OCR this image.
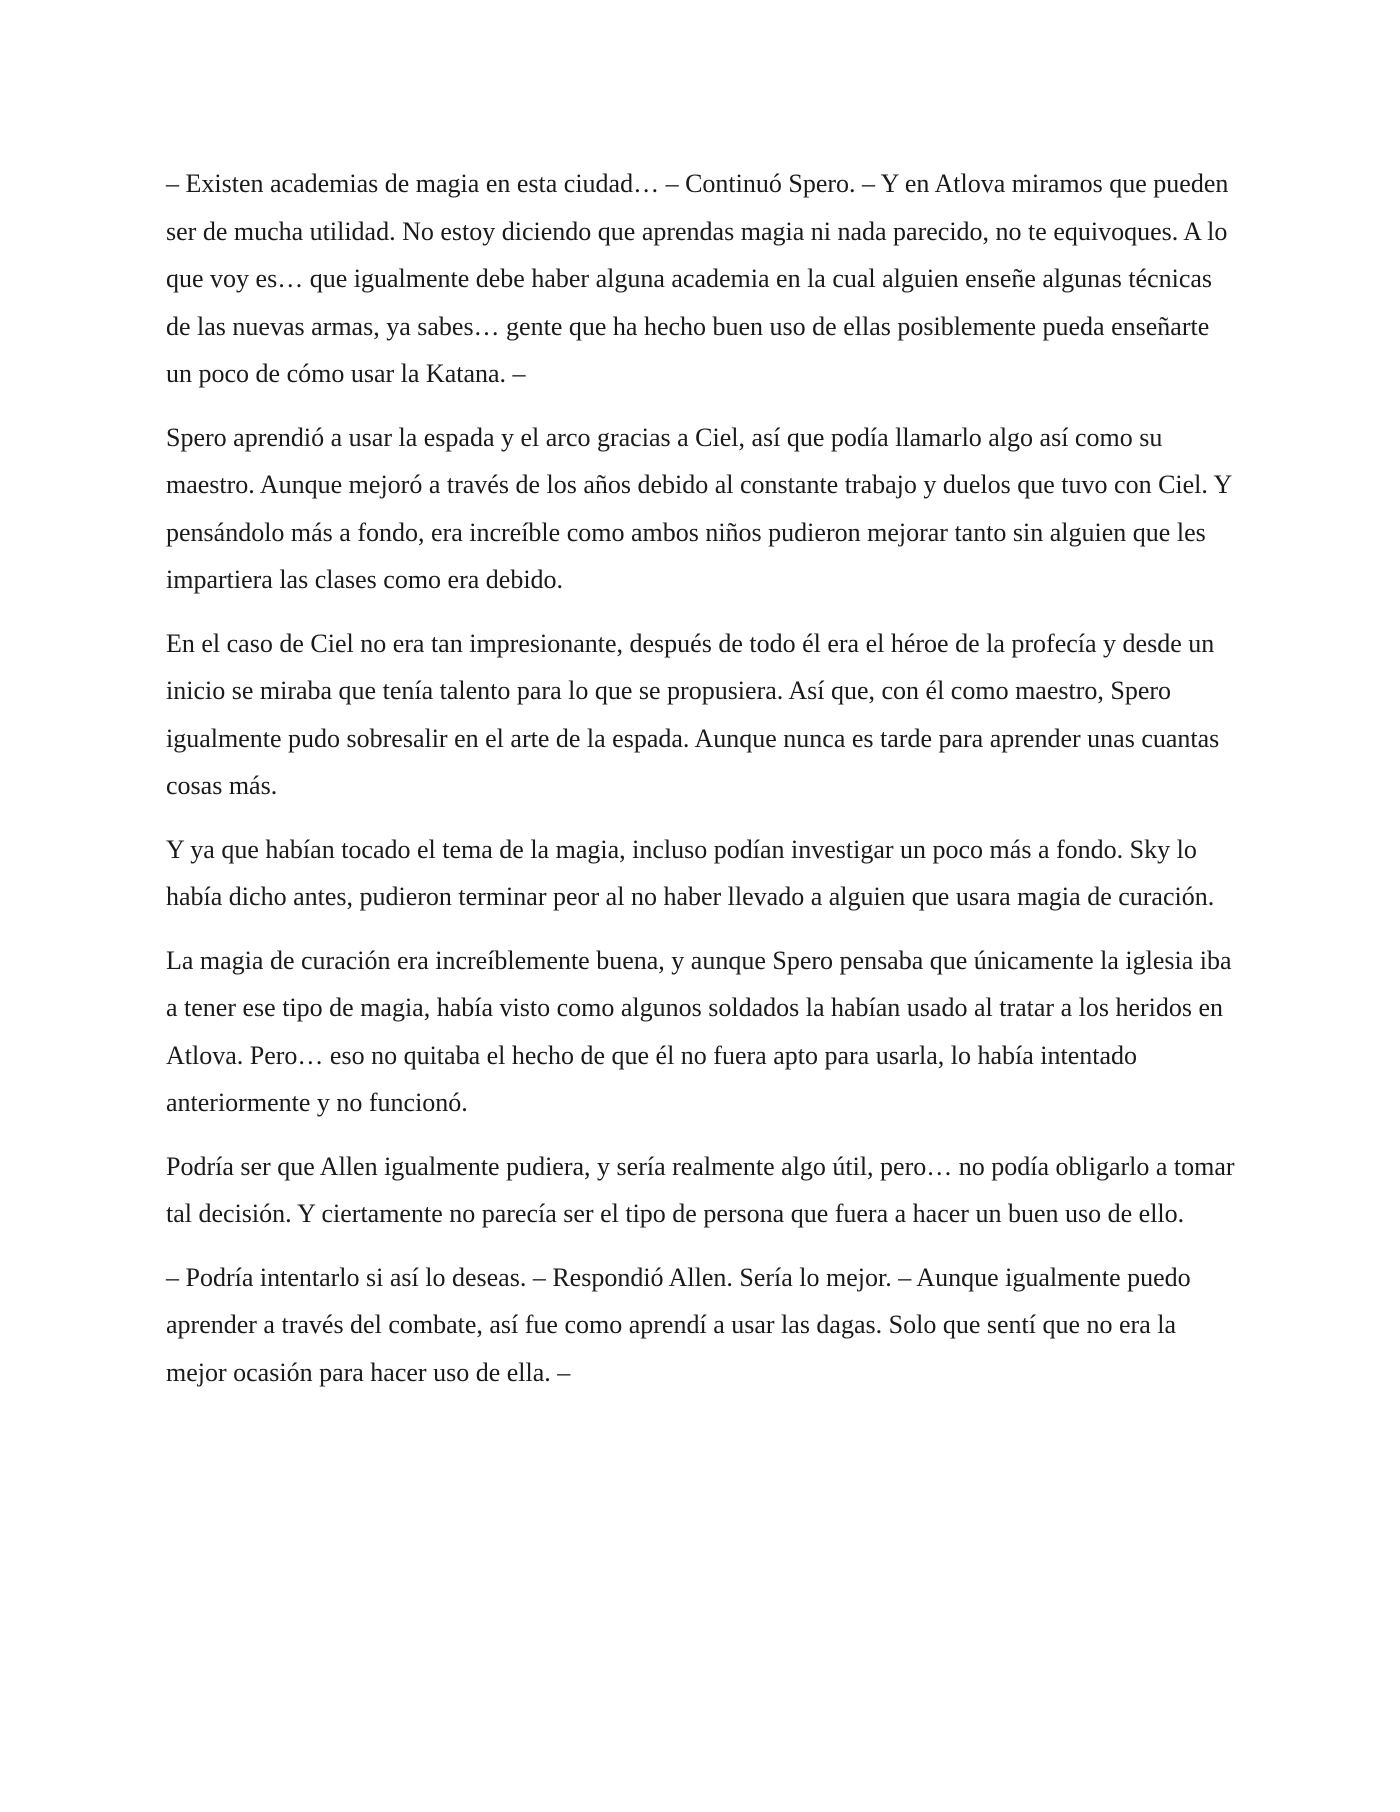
– Existen academias de magia en esta ciudad… – Continuó Spero. – Y en Atlova miramos que pueden ser de mucha utilidad. No estoy diciendo que aprendas magia ni nada parecido, no te equivoques. A lo que voy es… que igualmente debe haber alguna academia en la cual alguien enseñe algunas técnicas de las nuevas armas, ya sabes… gente que ha hecho buen uso de ellas posiblemente pueda enseñarte un poco de cómo usar la Katana. –

Spero aprendió a usar la espada y el arco gracias a Ciel, así que podía llamarlo algo así como su maestro. Aunque mejoró a través de los años debido al constante trabajo y duelos que tuvo con Ciel. Y pensándolo más a fondo, era increíble como ambos niños pudieron mejorar tanto sin alguien que les impartiera las clases como era debido.

En el caso de Ciel no era tan impresionante, después de todo él era el héroe de la profecía y desde un inicio se miraba que tenía talento para lo que se propusiera. Así que, con él como maestro, Spero igualmente pudo sobresalir en el arte de la espada. Aunque nunca es tarde para aprender unas cuantas cosas más.

Y ya que habían tocado el tema de la magia, incluso podían investigar un poco más a fondo. Sky lo había dicho antes, pudieron terminar peor al no haber llevado a alguien que usara magia de curación.

La magia de curación era increíblemente buena, y aunque Spero pensaba que únicamente la iglesia iba a tener ese tipo de magia, había visto como algunos soldados la habían usado al tratar a los heridos en Atlova. Pero… eso no quitaba el hecho de que él no fuera apto para usarla, lo había intentado anteriormente y no funcionó.

Podría ser que Allen igualmente pudiera, y sería realmente algo útil, pero… no podía obligarlo a tomar tal decisión. Y ciertamente no parecía ser el tipo de persona que fuera a hacer un buen uso de ello.

– Podría intentarlo si así lo deseas. – Respondió Allen. Sería lo mejor. – Aunque igualmente puedo aprender a través del combate, así fue como aprendí a usar las dagas. Solo que sentí que no era la mejor ocasión para hacer uso de ella. –
